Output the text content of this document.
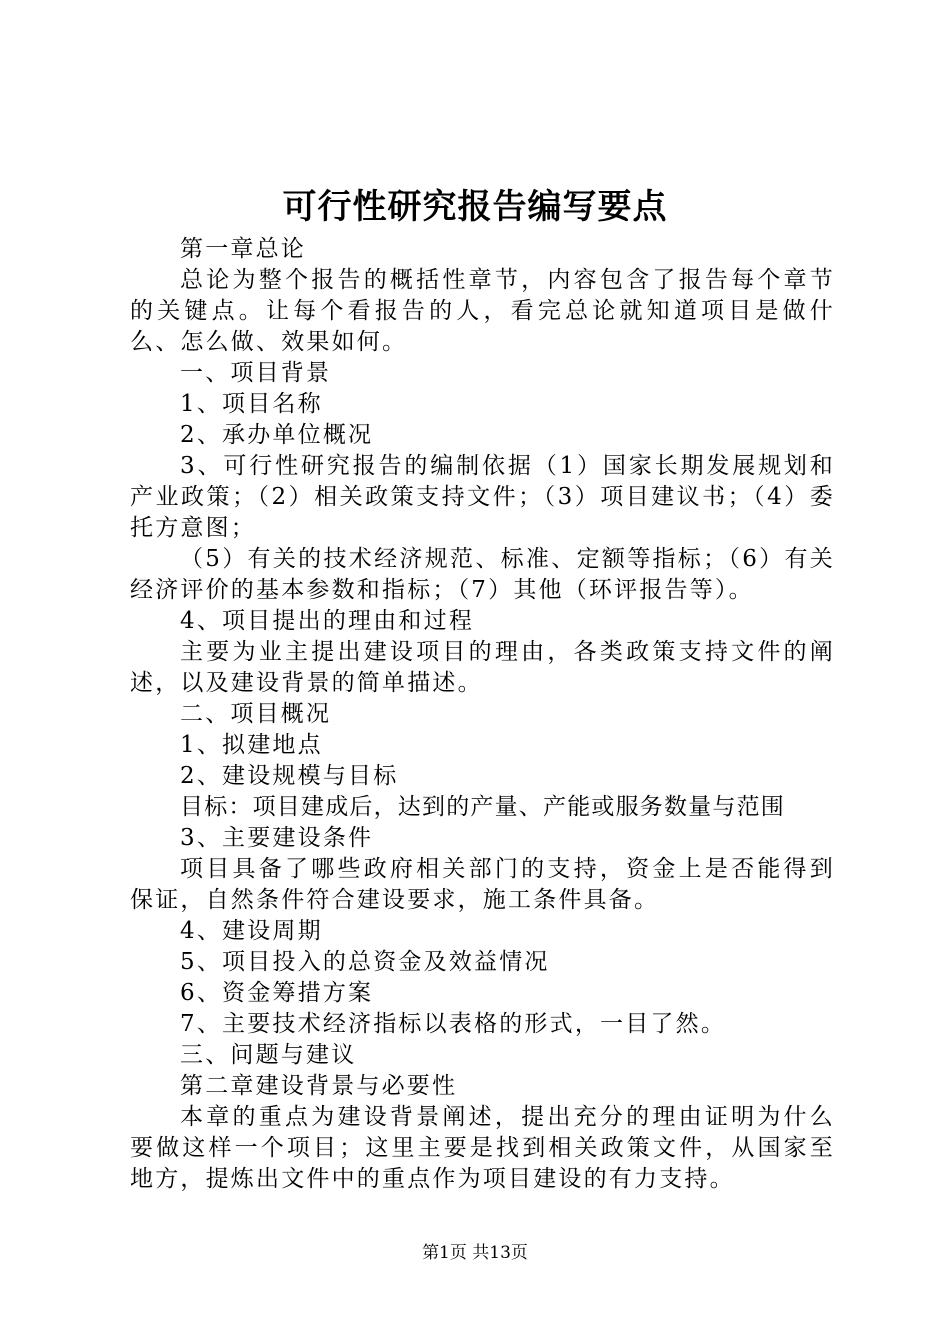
可行性研究报告编写要点

第一章总论

总论为整个报告的概括性章节，内容包含了报告每个章节的关键点。让每个看报告的人，看完总论就知道项目是做什么、怎么做、效果如何。

一、项目背景

1、项目名称

2、承办单位概况

3、可行性研究报告的编制依据（1）国家长期发展规划和产业政策；（2）相关政策支持文件；（3）项目建议书；（4）委托方意图；

（5）有关的技术经济规范、标准、定额等指标；（6）有关经济评价的基本参数和指标；（7）其他（环评报告等）。

4、项目提出的理由和过程

主要为业主提出建设项目的理由，各类政策支持文件的阐述，以及建设背景的简单描述。

二、项目概况

1、拟建地点

2、建设规模与目标

目标：项目建成后，达到的产量、产能或服务数量与范围

3、主要建设条件

项目具备了哪些政府相关部门的支持，资金上是否能得到保证，自然条件符合建设要求，施工条件具备。

4、建设周期

5、项目投入的总资金及效益情况

6、资金筹措方案

7、主要技术经济指标以表格的形式，一目了然。

三、问题与建议

第二章建设背景与必要性

本章的重点为建设背景阐述，提出充分的理由证明为什么要做这样一个项目；这里主要是找到相关政策文件，从国家至地方，提炼出文件中的重点作为项目建设的有力支持。

第1页 共13页
